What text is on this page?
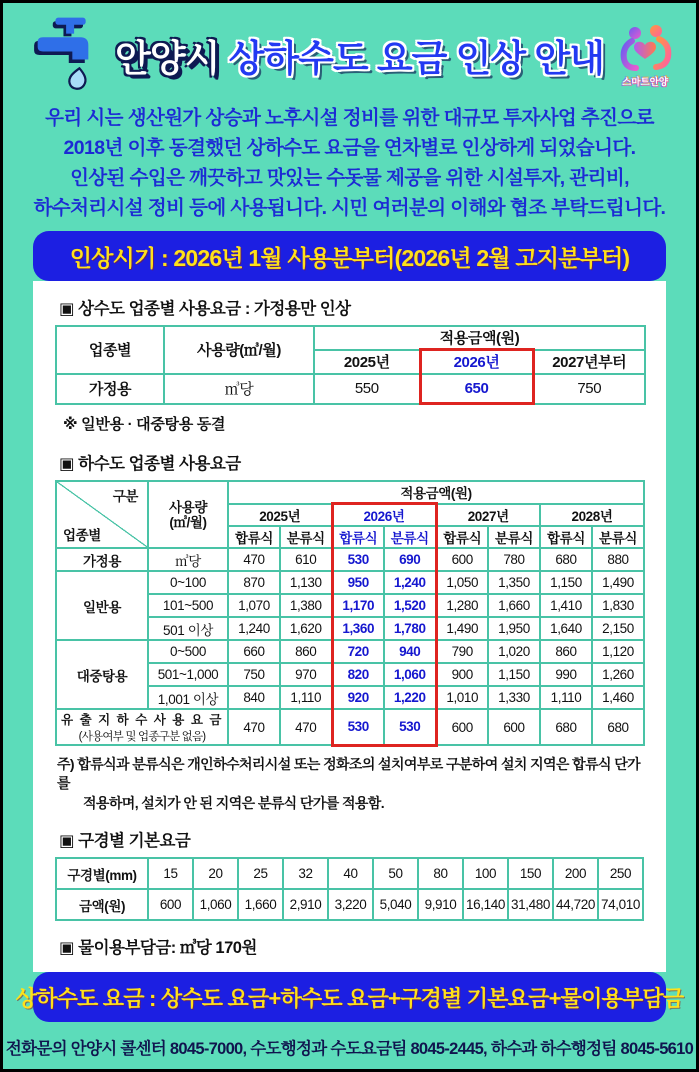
안양시 상하수도 요금 인상 안내
스마트안양
우리 시는 생산원가 상승과 노후시설 정비를 위한 대규모 투자사업 추진으로
2018년 이후 동결했던 상하수도 요금을 연차별로 인상하게 되었습니다.
인상된 수입은 깨끗하고 맛있는 수돗물 제공을 위한 시설투자, 관리비,
하수처리시설 정비 등에 사용됩니다. 시민 여러분의 이해와 협조 부탁드립니다.
인상시기 : 2026년 1월 사용분부터(2026년 2월 고지분부터)
▣ 상수도 업종별 사용요금 : 가정용만 인상
업종별	사용량(㎥/월)	적용금액(원)		
		2025년	2026년	2027년부터
가정용	㎥당	550	650	750
※ 일반용 · 대중탕용 동결
▣ 하수도 업종별 사용요금
구분
업종별

사용량
(㎥/월)
	적용금액(원)
		2025년		2026년		2027년		2028년	
		합류식	분류식	합류식	분류식	합류식	분류식	합류식	분류식
가정용	㎥당	470	610	530	690	600	780	680	880
일반용	0~100	870	1,130	950	1,240	1,050	1,350	1,150	1,490
	101~500	1,070	1,380	1,170	1,520	1,280	1,660	1,410	1,830
	501 이상	1,240	1,620	1,360	1,780	1,490	1,950	1,640	2,150
대중탕용	0~500	660	860	720	940	790	1,020	860	1,120
	501~1,000	750	970	820	1,060	900	1,150	990	1,260
	1,001 이상	840	1,110	920	1,220	1,010	1,330	1,110	1,460

유 출 지 하 수 사 용 요 금
(사용여부 및 업종구분 없음)		470	470	530	530	600	600	680	680
주) 합류식과 분류식은 개인하수처리시설 또는 정화조의 설치여부로 구분하여 설치 지역은 합류식 단가를
적용하며, 설치가 안 된 지역은 분류식 단가를 적용함.
▣ 구경별 기본요금
구경별(mm)	15	20	25	32	40	50	80	100	150	200	250
금액(원)	600	1,060	1,660	2,910	3,220	5,040	9,910	16,140	31,480	44,720	74,010
▣ 물이용부담금: ㎥당 170원
상하수도 요금 : 상수도 요금+하수도 요금+구경별 기본요금+물이용부담금
전화문의 안양시 콜센터 8045-7000, 수도행정과 수도요금팀 8045-2445, 하수과 하수행정팀 8045-5610
